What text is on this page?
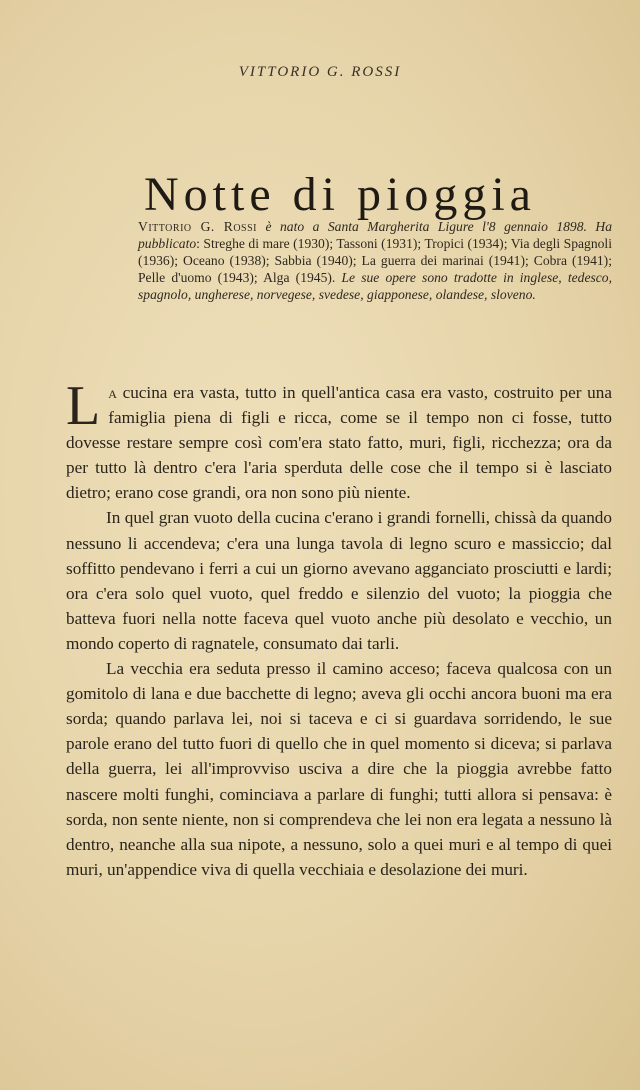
VITTORIO G. ROSSI
Notte di pioggia

Vittorio G. Rossi è nato a Santa Margherita Ligure l'8 gennaio 1898. Ha pubblicato: Streghe di mare (1930); Tassoni (1931); Tropici (1934); Via degli Spagnoli (1936); Oceano (1938); Sabbia (1940); La guerra dei marinai (1941); Cobra (1941); Pelle d'uomo (1943); Alga (1945). Le sue opere sono tradotte in inglese, tedesco, spagnolo, ungherese, norvegese, svedese, giapponese, olandese, sloveno.

La cucina era vasta, tutto in quell'antica casa era vasto, costruito per una famiglia piena di figli e ricca, come se il tempo non ci fosse, tutto dovesse restare sempre così com'era stato fatto, muri, figli, ricchezza; ora da per tutto là dentro c'era l'aria sperduta delle cose che il tempo si è lasciato dietro; erano cose grandi, ora non sono più niente.

In quel gran vuoto della cucina c'erano i grandi fornelli, chissà da quando nessuno li accendeva; c'era una lunga tavola di legno scuro e massiccio; dal soffitto pendevano i ferri a cui un giorno avevano agganciato prosciutti e lardi; ora c'era solo quel vuoto, quel freddo e silenzio del vuoto; la pioggia che batteva fuori nella notte faceva quel vuoto anche più desolato e vecchio, un mondo coperto di ragnatele, consumato dai tarli.

La vecchia era seduta presso il camino acceso; faceva qualcosa con un gomitolo di lana e due bacchette di legno; aveva gli occhi ancora buoni ma era sorda; quando parlava lei, noi si taceva e ci si guardava sorridendo, le sue parole erano del tutto fuori di quello che in quel momento si diceva; si parlava della guerra, lei all'improvviso usciva a dire che la pioggia avrebbe fatto nascere molti funghi, cominciava a parlare di funghi; tutti allora si pensava: è sorda, non sente niente, non si comprendeva che lei non era legata a nessuno là dentro, neanche alla sua nipote, a nessuno, solo a quei muri e al tempo di quei muri, un'appendice viva di quella vecchiaia e desolazione dei muri.
